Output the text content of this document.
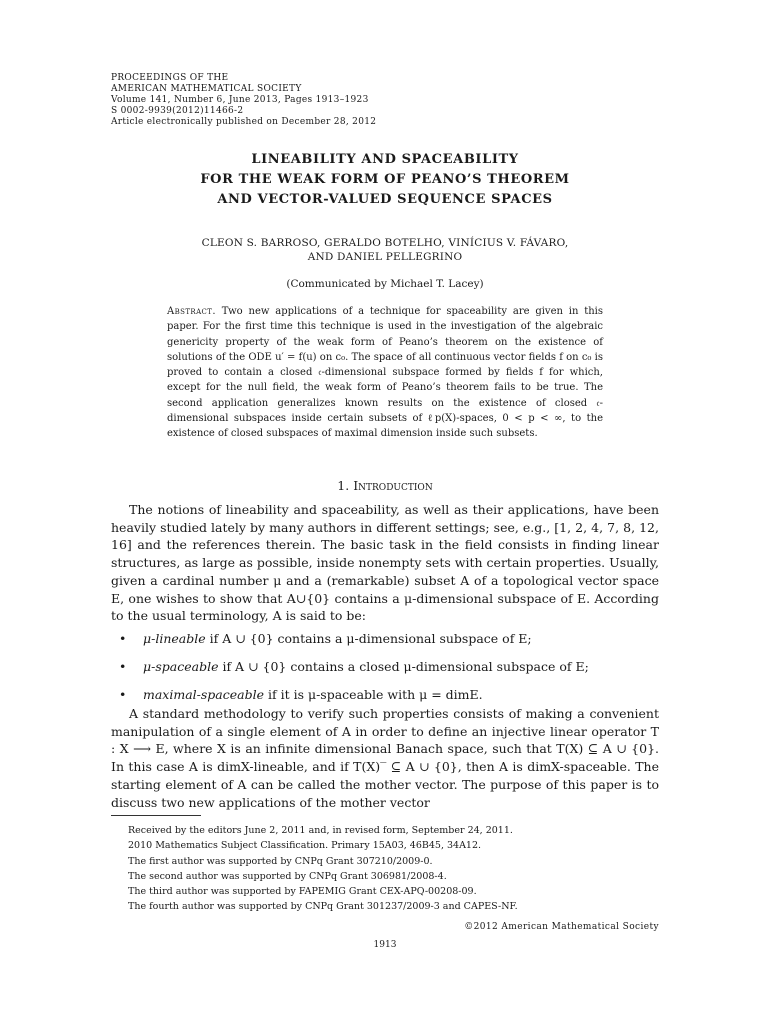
PROCEEDINGS OF THE
AMERICAN MATHEMATICAL SOCIETY
Volume 141, Number 6, June 2013, Pages 1913–1923
S 0002-9939(2012)11466-2
Article electronically published on December 28, 2012
LINEABILITY AND SPACEABILITY
FOR THE WEAK FORM OF PEANO’S THEOREM
AND VECTOR-VALUED SEQUENCE SPACES
CLEON S. BARROSO, GERALDO BOTELHO, VINÍCIUS V. FÁVARO,
AND DANIEL PELLEGRINO
(Communicated by Michael T. Lacey)
Abstract. Two new applications of a technique for spaceability are given in this paper. For the first time this technique is used in the investigation of the algebraic genericity property of the weak form of Peano’s theorem on the existence of solutions of the ODE u′ = f(u) on c₀. The space of all continuous vector fields f on c₀ is proved to contain a closed 𝔠-dimensional subspace formed by fields f for which, except for the null field, the weak form of Peano’s theorem fails to be true. The second application generalizes known results on the existence of closed 𝔠-dimensional subspaces inside certain subsets of ℓp(X)-spaces, 0 < p < ∞, to the existence of closed subspaces of maximal dimension inside such subsets.
1. Introduction
The notions of lineability and spaceability, as well as their applications, have been heavily studied lately by many authors in different settings; see, e.g., [1, 2, 4, 7, 8, 12, 16] and the references therein. The basic task in the field consists in finding linear structures, as large as possible, inside nonempty sets with certain properties. Usually, given a cardinal number μ and a (remarkable) subset A of a topological vector space E, one wishes to show that A∪{0} contains a μ-dimensional subspace of E. According to the usual terminology, A is said to be:
• μ-lineable if A ∪ {0} contains a μ-dimensional subspace of E;
• μ-spaceable if A ∪ {0} contains a closed μ-dimensional subspace of E;
• maximal-spaceable if it is μ-spaceable with μ = dimE.
A standard methodology to verify such properties consists of making a convenient manipulation of a single element of A in order to define an injective linear operator T : X ⟶ E, where X is an infinite dimensional Banach space, such that T(X) ⊆ A ∪ {0}. In this case A is dimX-lineable, and if T(X)‾ ⊆ A ∪ {0}, then A is dimX-spaceable. The starting element of A can be called the mother vector. The purpose of this paper is to discuss two new applications of the mother vector
Received by the editors June 2, 2011 and, in revised form, September 24, 2011.
2010 Mathematics Subject Classification. Primary 15A03, 46B45, 34A12.
The first author was supported by CNPq Grant 307210/2009-0.
The second author was supported by CNPq Grant 306981/2008-4.
The third author was supported by FAPEMIG Grant CEX-APQ-00208-09.
The fourth author was supported by CNPq Grant 301237/2009-3 and CAPES-NF.
©2012 American Mathematical Society
1913
